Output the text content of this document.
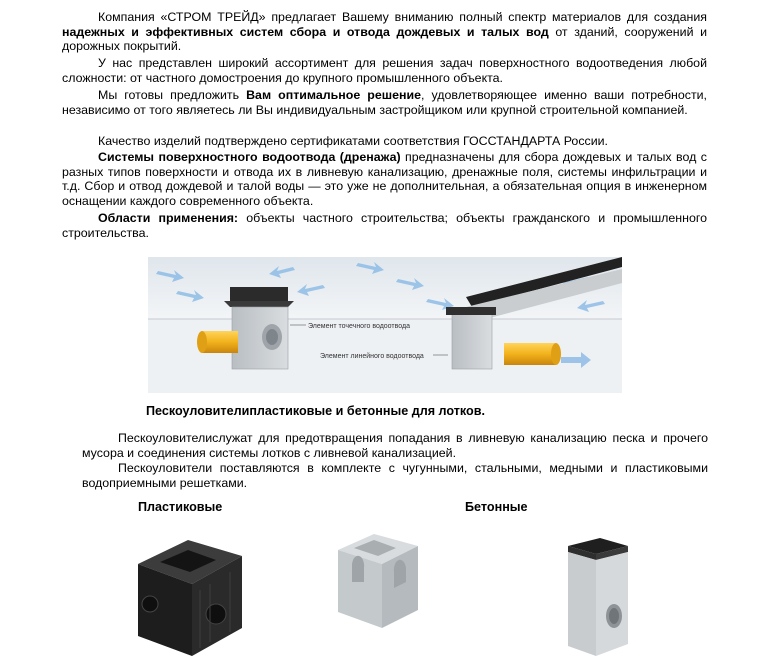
Компания «СТРОМ ТРЕЙД» предлагает Вашему вниманию полный спектр материалов для создания надежных и эффективных систем сбора и отвода дождевых и талых вод от зданий, сооружений и дорожных покрытий.

У нас представлен широкий ассортимент для решения задач поверхностного водоотведения любой сложности: от частного домостроения до крупного промышленного объекта.

Мы готовы предложить Вам оптимальное решение, удовлетворяющее именно ваши потребности, независимо от того являетесь ли Вы индивидуальным застройщиком или крупной строительной компанией.

Качество изделий подтверждено сертификатами соответствия ГОССТАНДАРТА России.

Системы поверхностного водоотвода (дренажа) предназначены для сбора дождевых и талых вод с разных типов поверхности и отвода их в ливневую канализацию, дренажные поля, системы инфильтрации и т.д. Сбор и отвод дождевой и талой воды — это уже не дополнительная, а обязательная опция в инженерном оснащении каждого современного объекта.

Области применения: объекты частного строительства; объекты гражданского и промышленного строительства.

Элемент точечного водоотвода
Элемент линейного водоотвода
Пескоуловителипластиковые и бетонные для лотков.

Пескоуловителислужат для предотвращения попадания в ливневую канализацию песка и прочего мусора и соединения системы лотков с ливневой канализацией.

Пескоуловители поставляются в комплекте с чугунными, стальными, медными и пластиковыми водоприемными решетками.

Пластиковые	Бетонные
